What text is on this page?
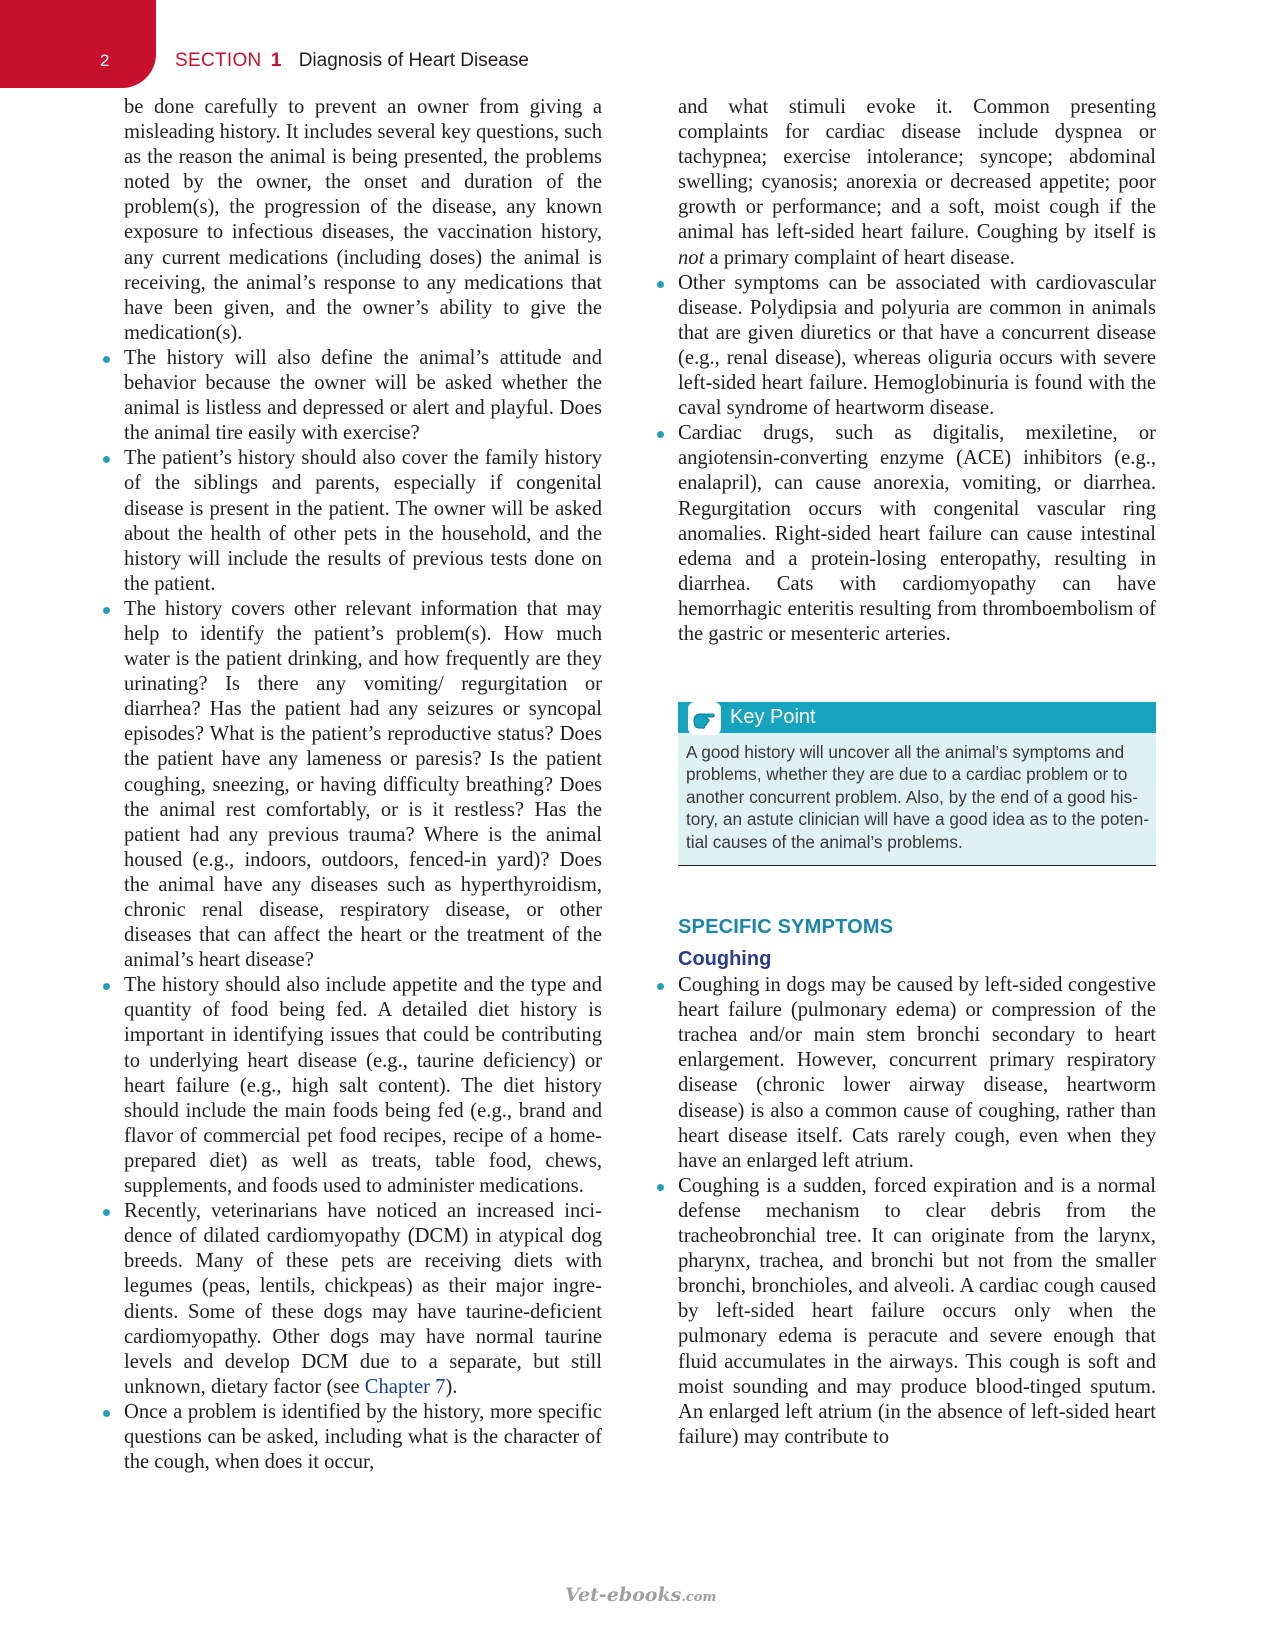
2	SECTION 1 Diagnosis of Heart Disease

be done carefully to prevent an owner from giving a misleading history. It includes several key questions, such as the reason the animal is being presented, the problems noted by the owner, the onset and duration of the problem(s), the progression of the disease, any known exposure to infectious diseases, the vaccination history, any current medications (including doses) the animal is receiving, the animal’s response to any medications that have been given, and the owner’s ability to give the medication(s).

The history will also define the animal’s attitude and behavior because the owner will be asked whether the animal is listless and depressed or alert and playful. Does the animal tire easily with exercise?
The patient’s history should also cover the family history of the siblings and parents, especially if congenital disease is present in the patient. The owner will be asked about the health of other pets in the household, and the history will include the results of previous tests done on the patient.
The history covers other relevant information that may help to identify the patient’s problem(s). How much water is the patient drinking, and how frequently are they urinating? Is there any vomiting/ regurgitation or diarrhea? Has the patient had any seizures or syncopal episodes? What is the patient’s reproductive status? Does the patient have any lameness or paresis? Is the patient coughing, sneezing, or having difficulty breathing? Does the animal rest comfortably, or is it restless? Has the patient had any previous trauma? Where is the animal housed (e.g., indoors, outdoors, fenced-in yard)? Does the animal have any diseases such as hyperthyroidism, chronic renal disease, respiratory disease, or other diseases that can affect the heart or the treatment of the animal’s heart disease?
The history should also include appetite and the type and quantity of food being fed. A detailed diet history is important in identifying issues that could be contributing to underlying heart disease (e.g., taurine deficiency) or heart failure (e.g., high salt content). The diet history should include the main foods being fed (e.g., brand and flavor of commercial pet food recipes, recipe of a home-prepared diet) as well as treats, table food, chews, supplements, and foods used to administer medications.
Recently, veterinarians have noticed an increased incidence of dilated cardiomyopathy (DCM) in atypical dog breeds. Many of these pets are receiving diets with legumes (peas, lentils, chickpeas) as their major ingredients. Some of these dogs may have taurine-deficient cardiomyopathy. Other dogs may have normal taurine levels and develop DCM due to a separate, but still unknown, dietary factor (see Chapter 7).
Once a problem is identified by the history, more specific questions can be asked, including what is the character of the cough, when does it occur,

and what stimuli evoke it. Common presenting complaints for cardiac disease include dyspnea or tachypnea; exercise intolerance; syncope; abdominal swelling; cyanosis; anorexia or decreased appetite; poor growth or performance; and a soft, moist cough if the animal has left-sided heart failure. Coughing by itself is not a primary complaint of heart disease.

Other symptoms can be associated with cardiovascular disease. Polydipsia and polyuria are common in animals that are given diuretics or that have a concurrent disease (e.g., renal disease), whereas oliguria occurs with severe left-sided heart failure. Hemoglobinuria is found with the caval syndrome of heartworm disease.
Cardiac drugs, such as digitalis, mexiletine, or angiotensin-converting enzyme (ACE) inhibitors (e.g., enalapril), can cause anorexia, vomiting, or diarrhea. Regurgitation occurs with congenital vascular ring anomalies. Right-sided heart failure can cause intestinal edema and a protein-losing enteropathy, resulting in diarrhea. Cats with cardiomyopathy can have hemorrhagic enteritis resulting from thromboembolism of the gastric or mesenteric arteries.
Key Point
A good history will uncover all the animal’s symptoms and problems, whether they are due to a cardiac problem or to another concurrent problem. Also, by the end of a good history, an astute clinician will have a good idea as to the potential causes of the animal’s problems.
SPECIFIC SYMPTOMS
Coughing
Coughing in dogs may be caused by left-sided congestive heart failure (pulmonary edema) or compression of the trachea and/or main stem bronchi secondary to heart enlargement. However, concurrent primary respiratory disease (chronic lower airway disease, heartworm disease) is also a common cause of coughing, rather than heart disease itself. Cats rarely cough, even when they have an enlarged left atrium.
Coughing is a sudden, forced expiration and is a normal defense mechanism to clear debris from the tracheobronchial tree. It can originate from the larynx, pharynx, trachea, and bronchi but not from the smaller bronchi, bronchioles, and alveoli. A cardiac cough caused by left-sided heart failure occurs only when the pulmonary edema is peracute and severe enough that fluid accumulates in the airways. This cough is soft and moist sounding and may produce blood-tinged sputum. An enlarged left atrium (in the absence of left-sided heart failure) may contribute to
Vet-ebooks.com
